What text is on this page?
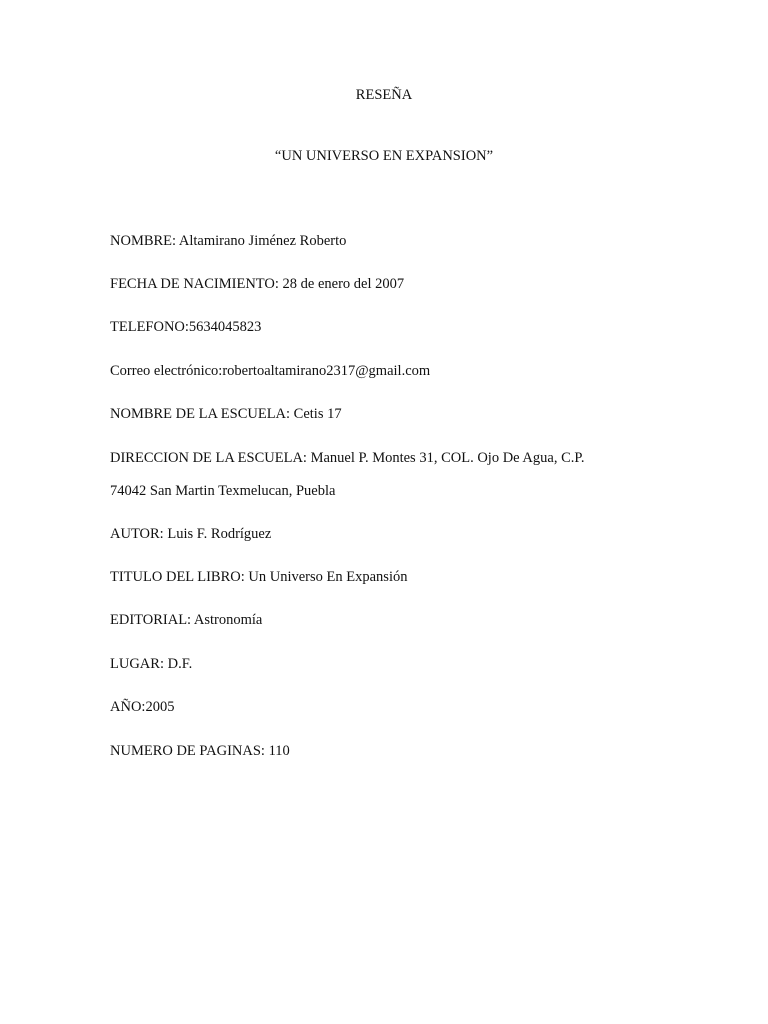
RESEÑA
“UN UNIVERSO EN EXPANSION”

NOMBRE: Altamirano Jiménez Roberto

FECHA DE NACIMIENTO: 28 de enero del 2007

TELEFONO:5634045823

Correo electrónico:robertoaltamirano2317@gmail.com

NOMBRE DE LA ESCUELA: Cetis 17

DIRECCION DE LA ESCUELA: Manuel P. Montes 31, COL. Ojo De Agua, C.P.

74042 San Martin Texmelucan, Puebla

AUTOR: Luis F. Rodríguez

TITULO DEL LIBRO: Un Universo En Expansión

EDITORIAL: Astronomía

LUGAR: D.F.

AÑO:2005

NUMERO DE PAGINAS: 110
